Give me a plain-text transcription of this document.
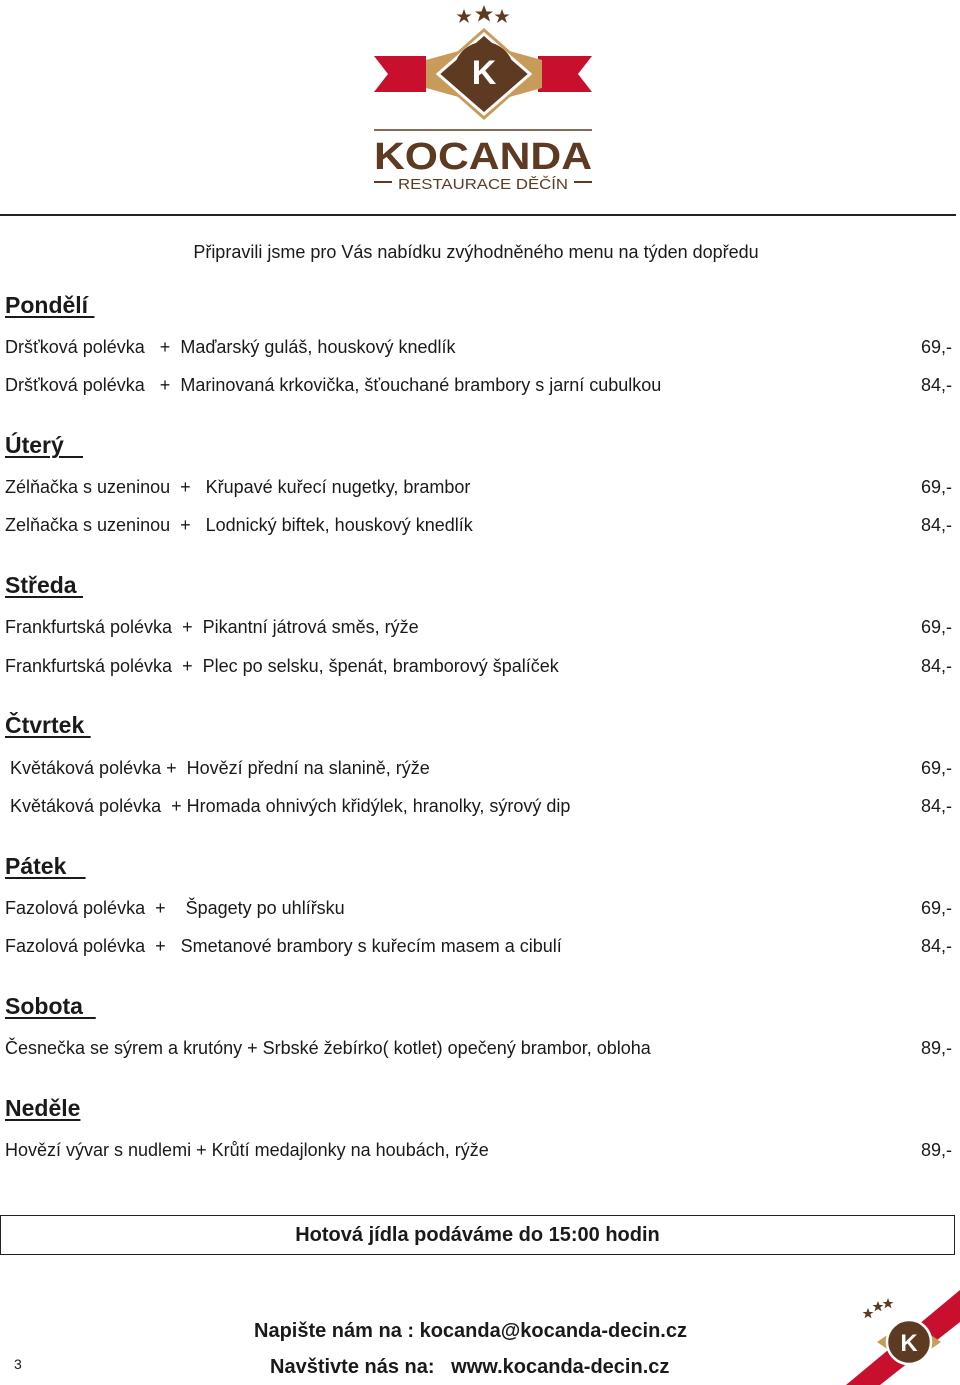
K
KOCANDA
RESTAURACE DĚČÍN
Připravili jsme pro Vás nabídku zvýhodněného menu na týden dopředu
Pondělí
Dršťková polévka   +  Maďarský guláš, houskový knedlík	69,-
Dršťková polévka   +  Marinovaná krkovička, šťouchané brambory s jarní cubulkou	84,-
Úterý
Zélňačka s uzeninou  +   Křupavé kuřecí nugetky, brambor	69,-
Zelňačka s uzeninou  +   Lodnický biftek, houskový knedlík	84,-
Středa
Frankfurtská polévka  +  Pikantní játrová směs, rýže	69,-
Frankfurtská polévka  +  Plec po selsku, špenát, bramborový špalíček	84,-
Čtvrtek
Květáková polévka +  Hovězí přední na slanině, rýže	69,-
Květáková polévka  + Hromada ohnivých křidýlek, hranolky, sýrový dip	84,-
Pátek
Fazolová polévka  +    Špagety po uhlířsku	69,-
Fazolová polévka  +   Smetanové brambory s kuřecím masem a cibulí	84,-
Sobota
Česnečka se sýrem a krutóny + Srbské žebírko( kotlet) opečený brambor, obloha	89,-
Neděle
Hovězí vývar s nudlemi + Krůtí medajlonky na houbách, rýže	89,-
Hotová jídla podáváme do 15:00 hodin
Napište nám na : kocanda@kocanda-decin.cz
Navštivte nás na:   www.kocanda-decin.cz
3
K
